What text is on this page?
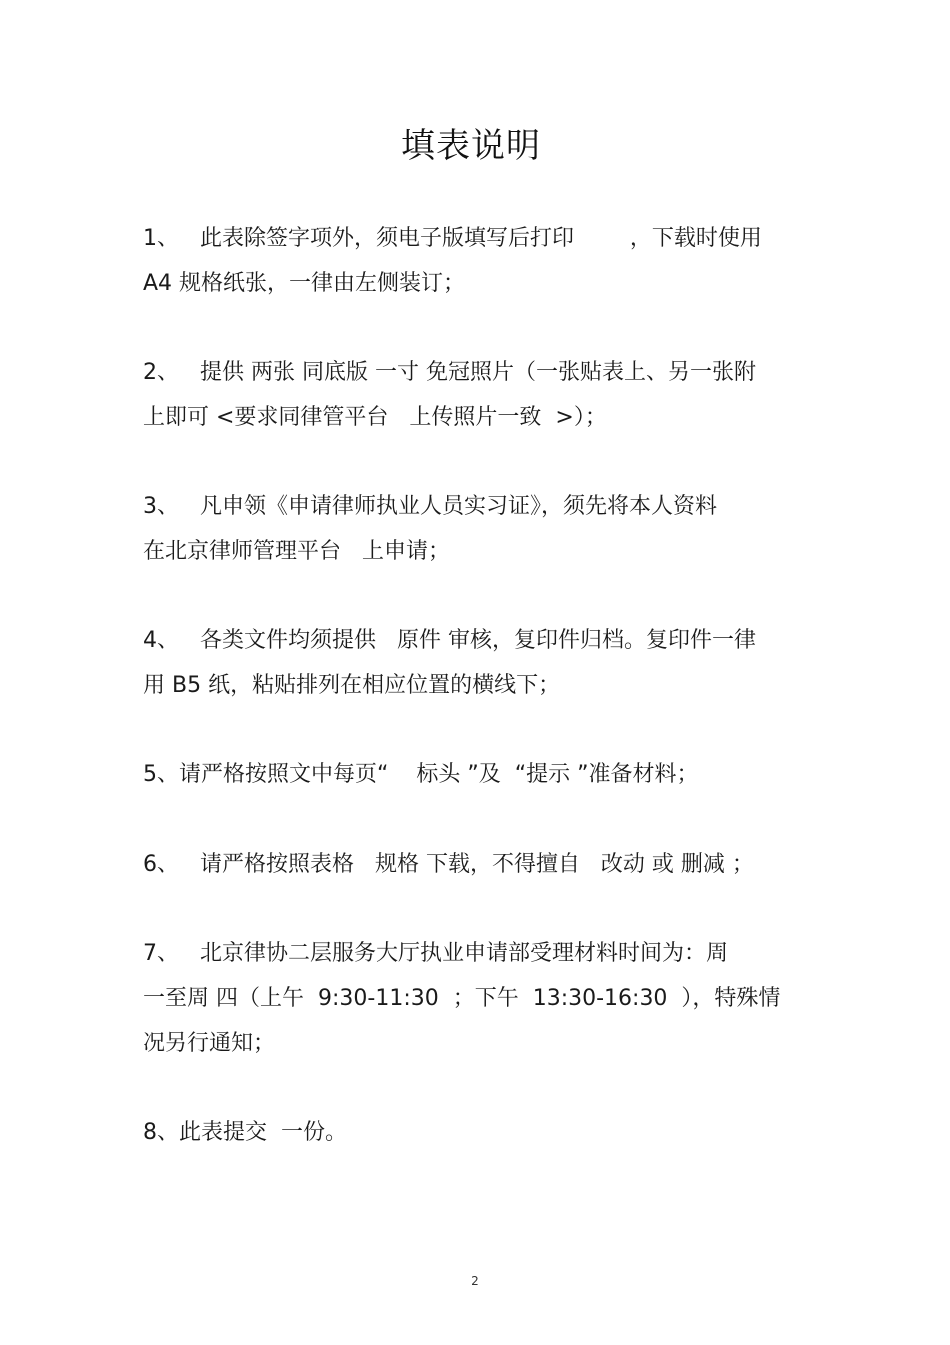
填表说明
1、   此表除签字项外，须电子版填写后打印        ，下载时使用
A4 规格纸张，一律由左侧装订；
2、   提供 两张 同底版 一寸 免冠照片（一张贴表上、另一张附
上即可 <要求同律管平台   上传照片一致  >）；
3、   凡申领《申请律师执业人员实习证》，须先将本人资料
在北京律师管理平台   上申请；
4、   各类文件均须提供   原件 审核，复印件归档。复印件一律
用 B5 纸，粘贴排列在相应位置的横线下；
5、请严格按照文中每页“    标头 ”及  “提示 ”准备材料；
6、   请严格按照表格   规格 下载，不得擅自   改动 或 删减 ；
7、   北京律协二层服务大厅执业申请部受理材料时间为：周
一至周 四（上午  9:30-11:30  ；下午  13:30-16:30  ），特殊情
况另行通知；
8、此表提交  一份。
2
